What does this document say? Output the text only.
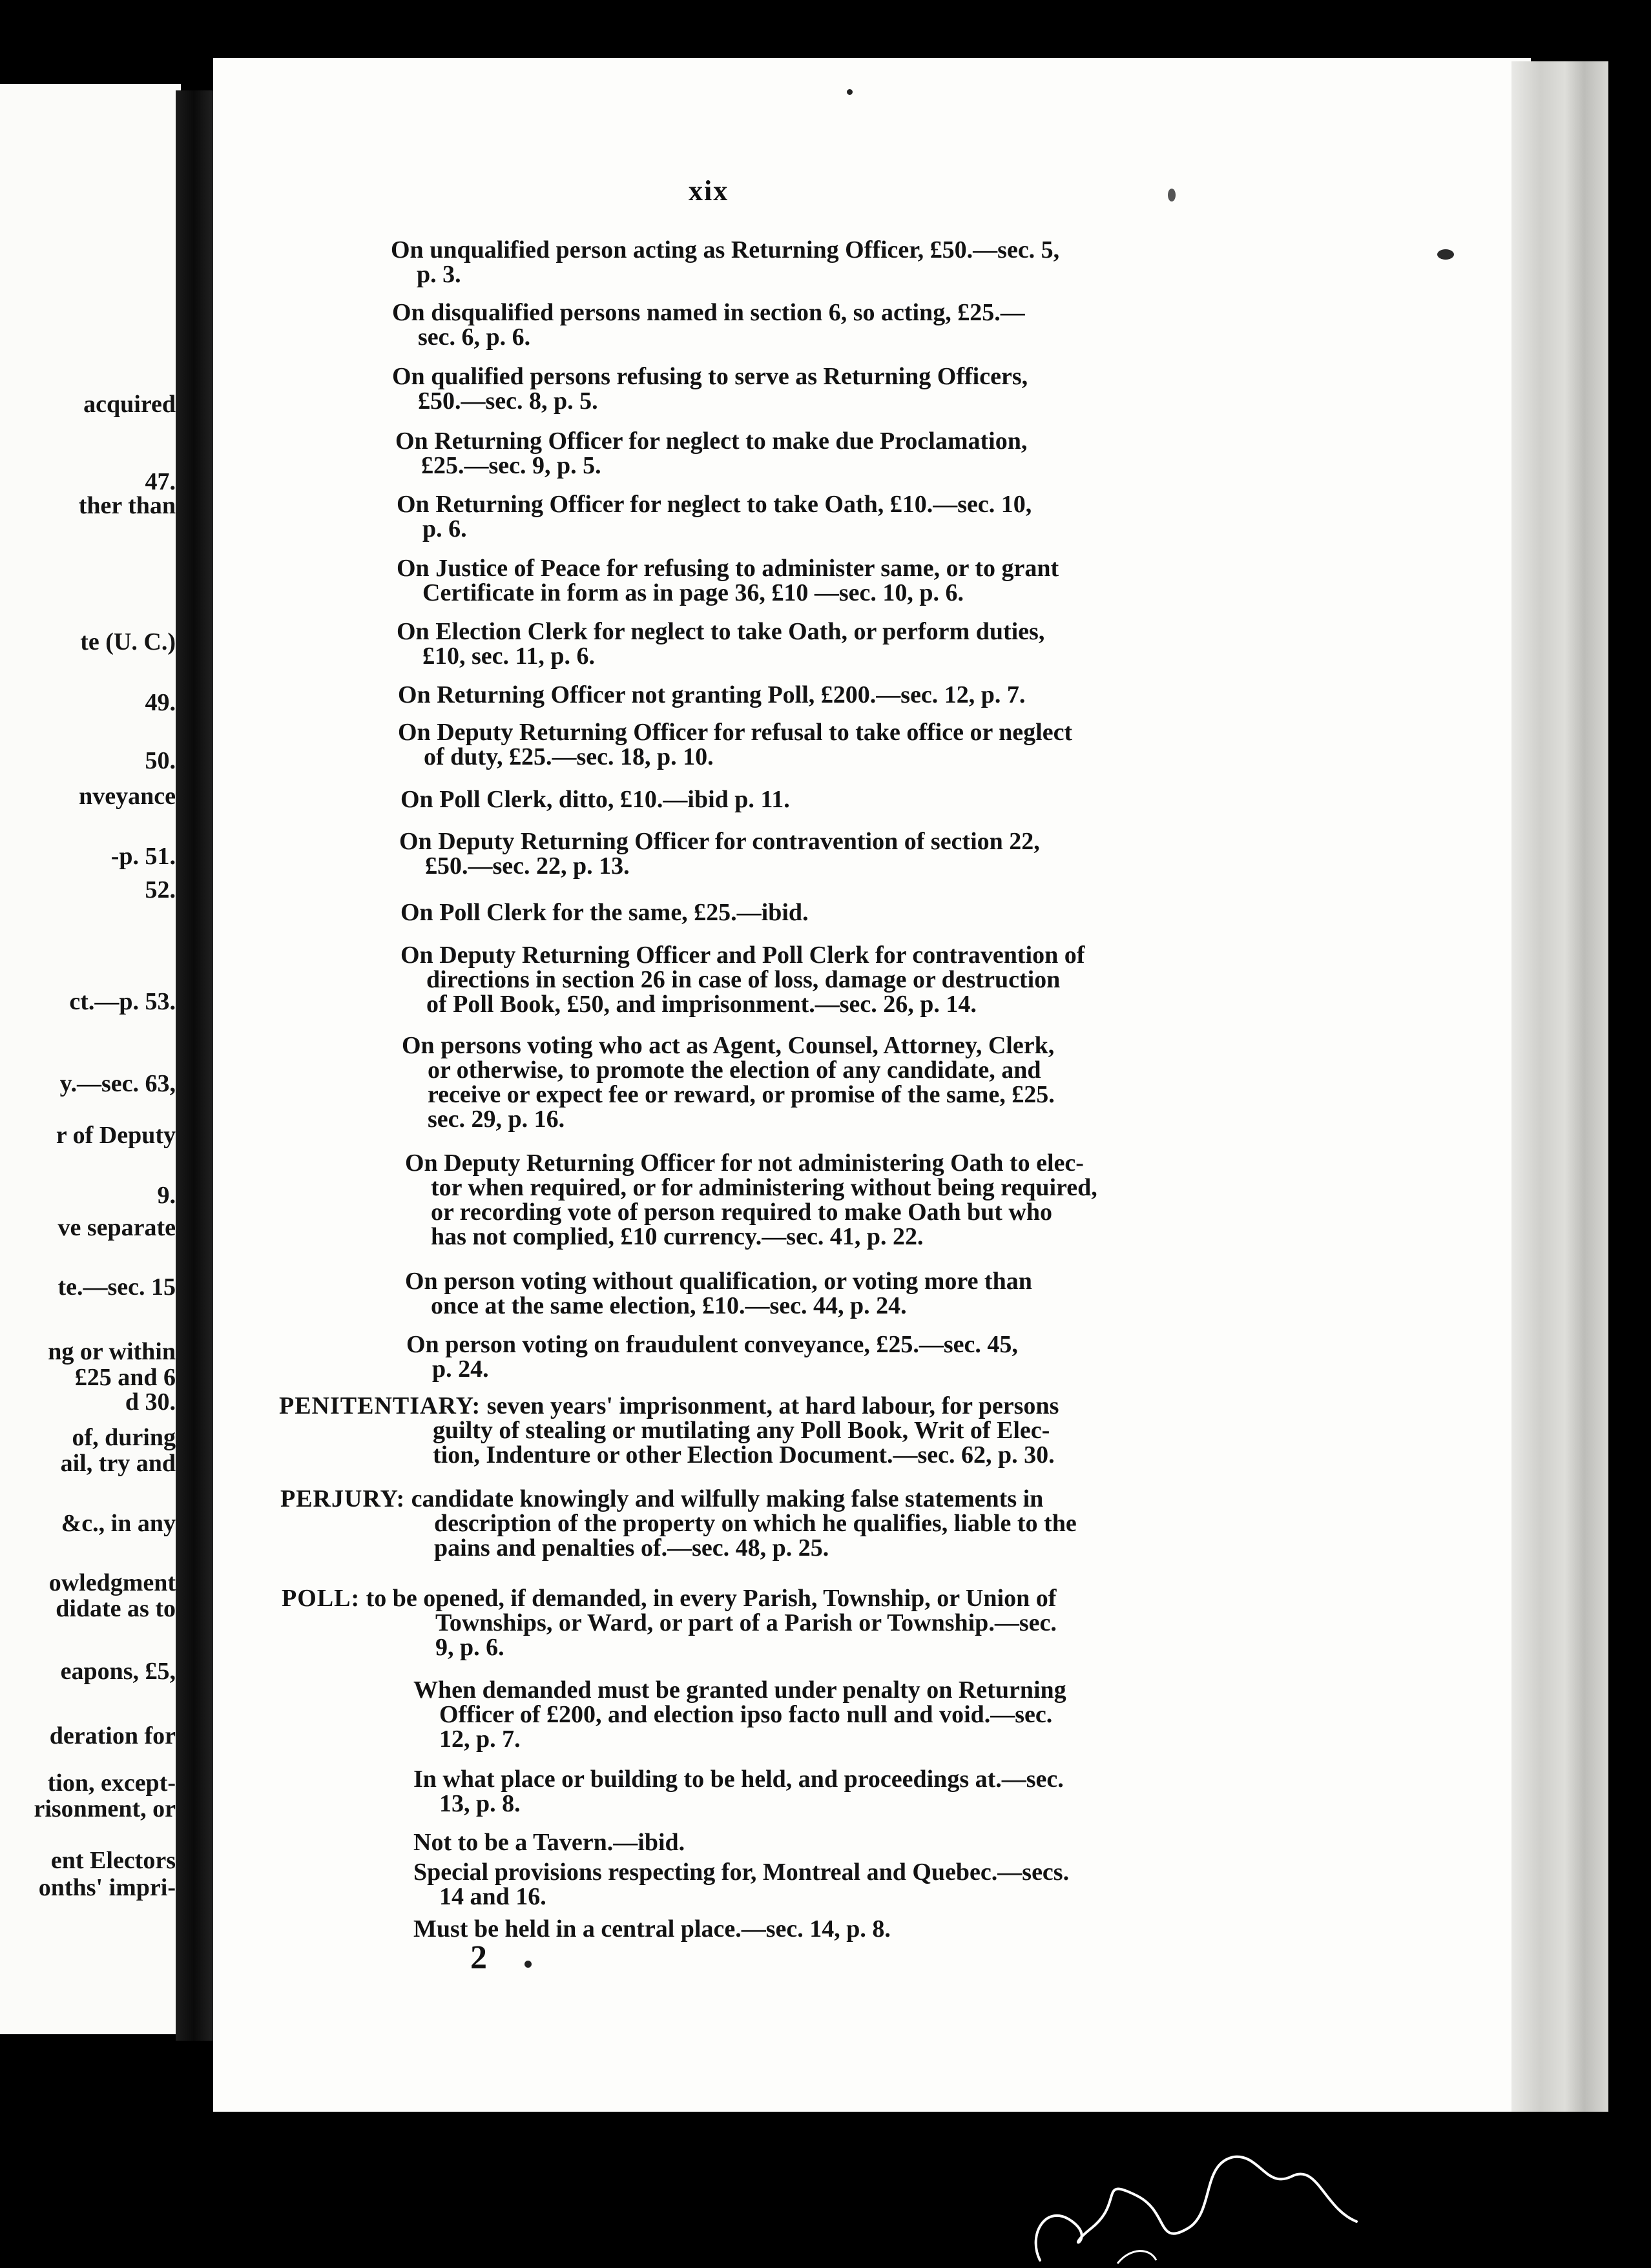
acquired
47.
ther than
te (U. C.)
49.
50.
nveyance
-p. 51.
52.
ct.—p. 53.
y.—sec. 63,
r of Deputy
9.
ve separate
te.—sec. 15
ng or within
£25 and 6
d 30.
of, during
ail, try and
&c., in any
owledgment
didate as to
eapons, £5,
deration for
tion, except-
risonment, or
ent Electors
onths' impri-
xix
On unqualified person acting as Returning Officer, £50.—sec. 5,
p. 3.
On disqualified persons named in section 6, so acting, £25.—
sec. 6, p. 6.
On qualified persons refusing to serve as Returning Officers,
£50.—sec. 8, p. 5.
On Returning Officer for neglect to make due Proclamation,
£25.—sec. 9, p. 5.
On Returning Officer for neglect to take Oath, £10.—sec. 10,
p. 6.
On Justice of Peace for refusing to administer same, or to grant
Certificate in form as in page 36, £10 —sec. 10, p. 6.
On Election Clerk for neglect to take Oath, or perform duties,
£10, sec. 11, p. 6.
On Returning Officer not granting Poll, £200.—sec. 12, p. 7.
On Deputy Returning Officer for refusal to take office or neglect
of duty, £25.—sec. 18, p. 10.
On Poll Clerk, ditto, £10.—ibid p. 11.
On Deputy Returning Officer for contravention of section 22,
£50.—sec. 22, p. 13.
On Poll Clerk for the same, £25.—ibid.
On Deputy Returning Officer and Poll Clerk for contravention of
directions in section 26 in case of loss, damage or destruction
of Poll Book, £50, and imprisonment.—sec. 26, p. 14.
On persons voting who act as Agent, Counsel, Attorney, Clerk,
or otherwise, to promote the election of any candidate, and
receive or expect fee or reward, or promise of the same, £25.
sec. 29, p. 16.
On Deputy Returning Officer for not administering Oath to elec-
tor when required, or for administering without being required,
or recording vote of person required to make Oath but who
has not complied, £10 currency.—sec. 41, p. 22.
On person voting without qualification, or voting more than
once at the same election, £10.—sec. 44, p. 24.
On person voting on fraudulent conveyance, £25.—sec. 45,
p. 24.
PENITENTIARY: seven years' imprisonment, at hard labour, for persons
guilty of stealing or mutilating any Poll Book, Writ of Elec-
tion, Indenture or other Election Document.—sec. 62, p. 30.
PERJURY: candidate knowingly and wilfully making false statements in
description of the property on which he qualifies, liable to the
pains and penalties of.—sec. 48, p. 25.
POLL: to be opened, if demanded, in every Parish, Township, or Union of
Townships, or Ward, or part of a Parish or Township.—sec.
9, p. 6.
When demanded must be granted under penalty on Returning
Officer of £200, and election ipso facto null and void.—sec.
12, p. 7.
In what place or building to be held, and proceedings at.—sec.
13, p. 8.
Not to be a Tavern.—ibid.
Special provisions respecting for, Montreal and Quebec.—secs.
14 and 16.
Must be held in a central place.—sec. 14, p. 8.
2
